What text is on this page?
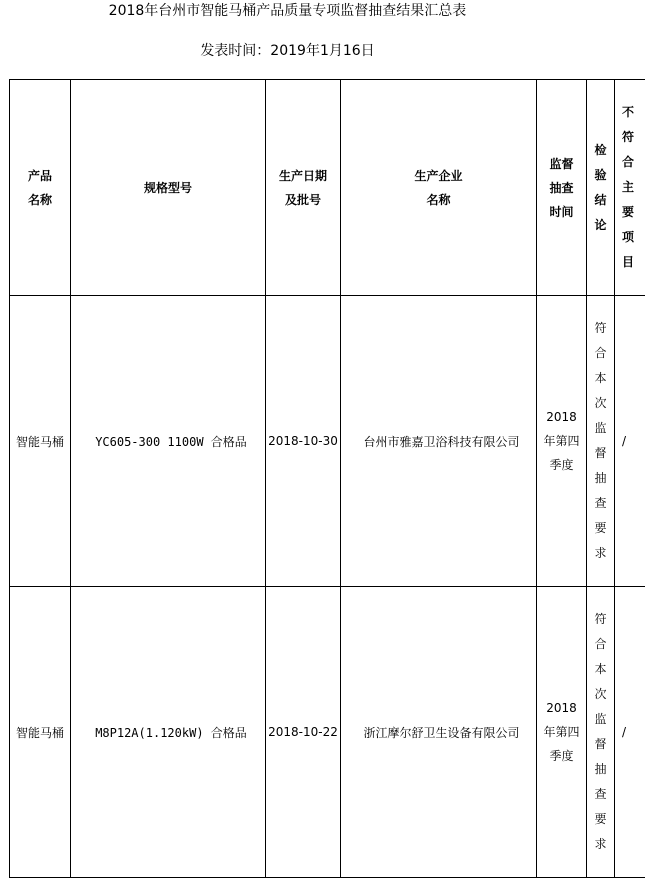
2018年台州市智能马桶产品质量专项监督抽查结果汇总表
发表时间：2019年1月16日
产品名称	规格型号	生产日期及批号	生产企业名称	监督抽查时间	检验结论	不符合主要项目
智能马桶	YC605-300 1100W 合格品	2018-10-30	台州市雅嘉卫浴科技有限公司	2018年第四季度	符合本次监督抽查要求	/
智能马桶	M8P12A(1.120kW) 合格品	2018-10-22	浙江摩尔舒卫生设备有限公司	2018年第四季度	符合本次监督抽查要求	/
